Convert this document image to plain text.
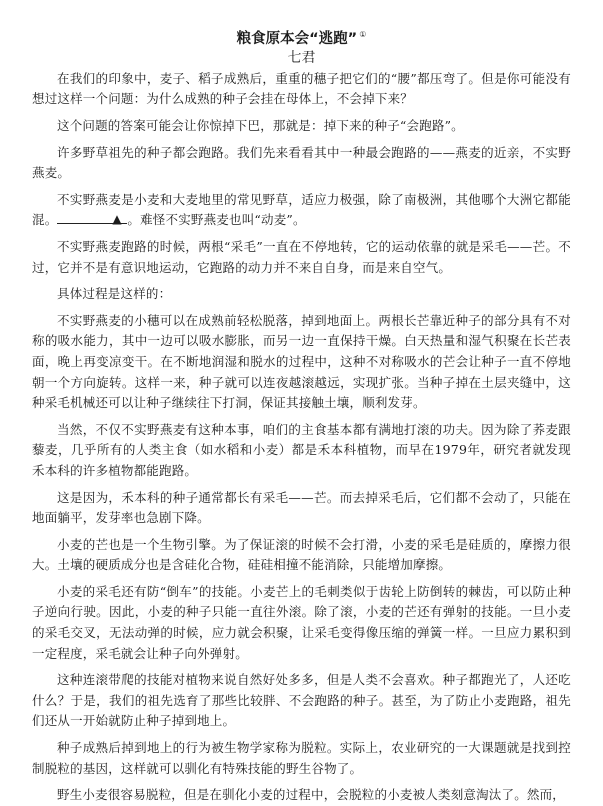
粮食原本会“逃跑” ①
七君

在我们的印象中，麦子、稻子成熟后，重重的穗子把它们的“腰”都压弯了。但是你可能没有想过这样一个问题：为什么成熟的种子会挂在母体上，不会掉下来？

这个问题的答案可能会让你惊掉下巴，那就是：掉下来的种子“会跑路”。

许多野草祖先的种子都会跑路。我们先来看看其中一种最会跑路的——燕麦的近亲，不实野燕麦。

不实野燕麦是小麦和大麦地里的常见野草，适应力极强，除了南极洲，其他哪个大洲它都能混。	▲ 。难怪不实野燕麦也叫“动麦”。

不实野燕麦跑路的时候，两根“采毛”一直在不停地转，它的运动依靠的就是采毛——芒。不过，它并不是有意识地运动，它跑路的动力并不来自自身，而是来自空气。

具体过程是这样的：

不实野燕麦的小穗可以在成熟前轻松脱落，掉到地面上。两根长芒靠近种子的部分具有不对称的吸水能力，其中一边可以吸水膨胀，而另一边一直保持干燥。白天热量和湿气积聚在长芒表面，晚上再变凉变干。在不断地润湿和脱水的过程中，这种不对称吸水的芒会让种子一直不停地朝一个方向旋转。这样一来，种子就可以连夜越滚越远，实现扩张。当种子掉在土层夹缝中，这种采毛机械还可以让种子继续往下打洞，保证其接触土壤，顺利发芽。

当然，不仅不实野燕麦有这种本事，咱们的主食基本都有满地打滚的功夫。因为除了荞麦跟藜麦，几乎所有的人类主食（如水稻和小麦）都是禾本科植物，而早在1979年，研究者就发现禾本科的许多植物都能跑路。

这是因为，禾本科的种子通常都长有采毛——芒。而去掉采毛后，它们都不会动了，只能在地面躺平，发芽率也急剧下降。

小麦的芒也是一个生物引擎。为了保证滚的时候不会打滑，小麦的采毛是硅质的，摩擦力很大。土壤的硬质成分也是含硅化合物，硅硅相撞不能消除，只能增加摩擦。

小麦的采毛还有防“倒车”的技能。小麦芒上的毛刺类似于齿轮上防倒转的棘齿，可以防止种子逆向行驶。因此，小麦的种子只能一直往外滚。除了滚，小麦的芒还有弹射的技能。一旦小麦的采毛交叉，无法动弹的时候，应力就会积聚，让采毛变得像压缩的弹簧一样。一旦应力累积到一定程度，采毛就会让种子向外弹射。

这种连滚带爬的技能对植物来说自然好处多多，但是人类不会喜欢。种子都跑光了，人还吃什么？于是，我们的祖先选育了那些比较胖、不会跑路的种子。甚至，为了防止小麦跑路，祖先们还从一开始就防止种子掉到地上。

种子成熟后掉到地上的行为被生物学家称为脱粒。实际上，农业研究的一大课题就是找到控制脱粒的基因，这样就可以驯化有特殊技能的野生谷物了。

野生小麦很容易脱粒，但是在驯化小麦的过程中，会脱粒的小麦被人类刻意淘汰了。然而，
